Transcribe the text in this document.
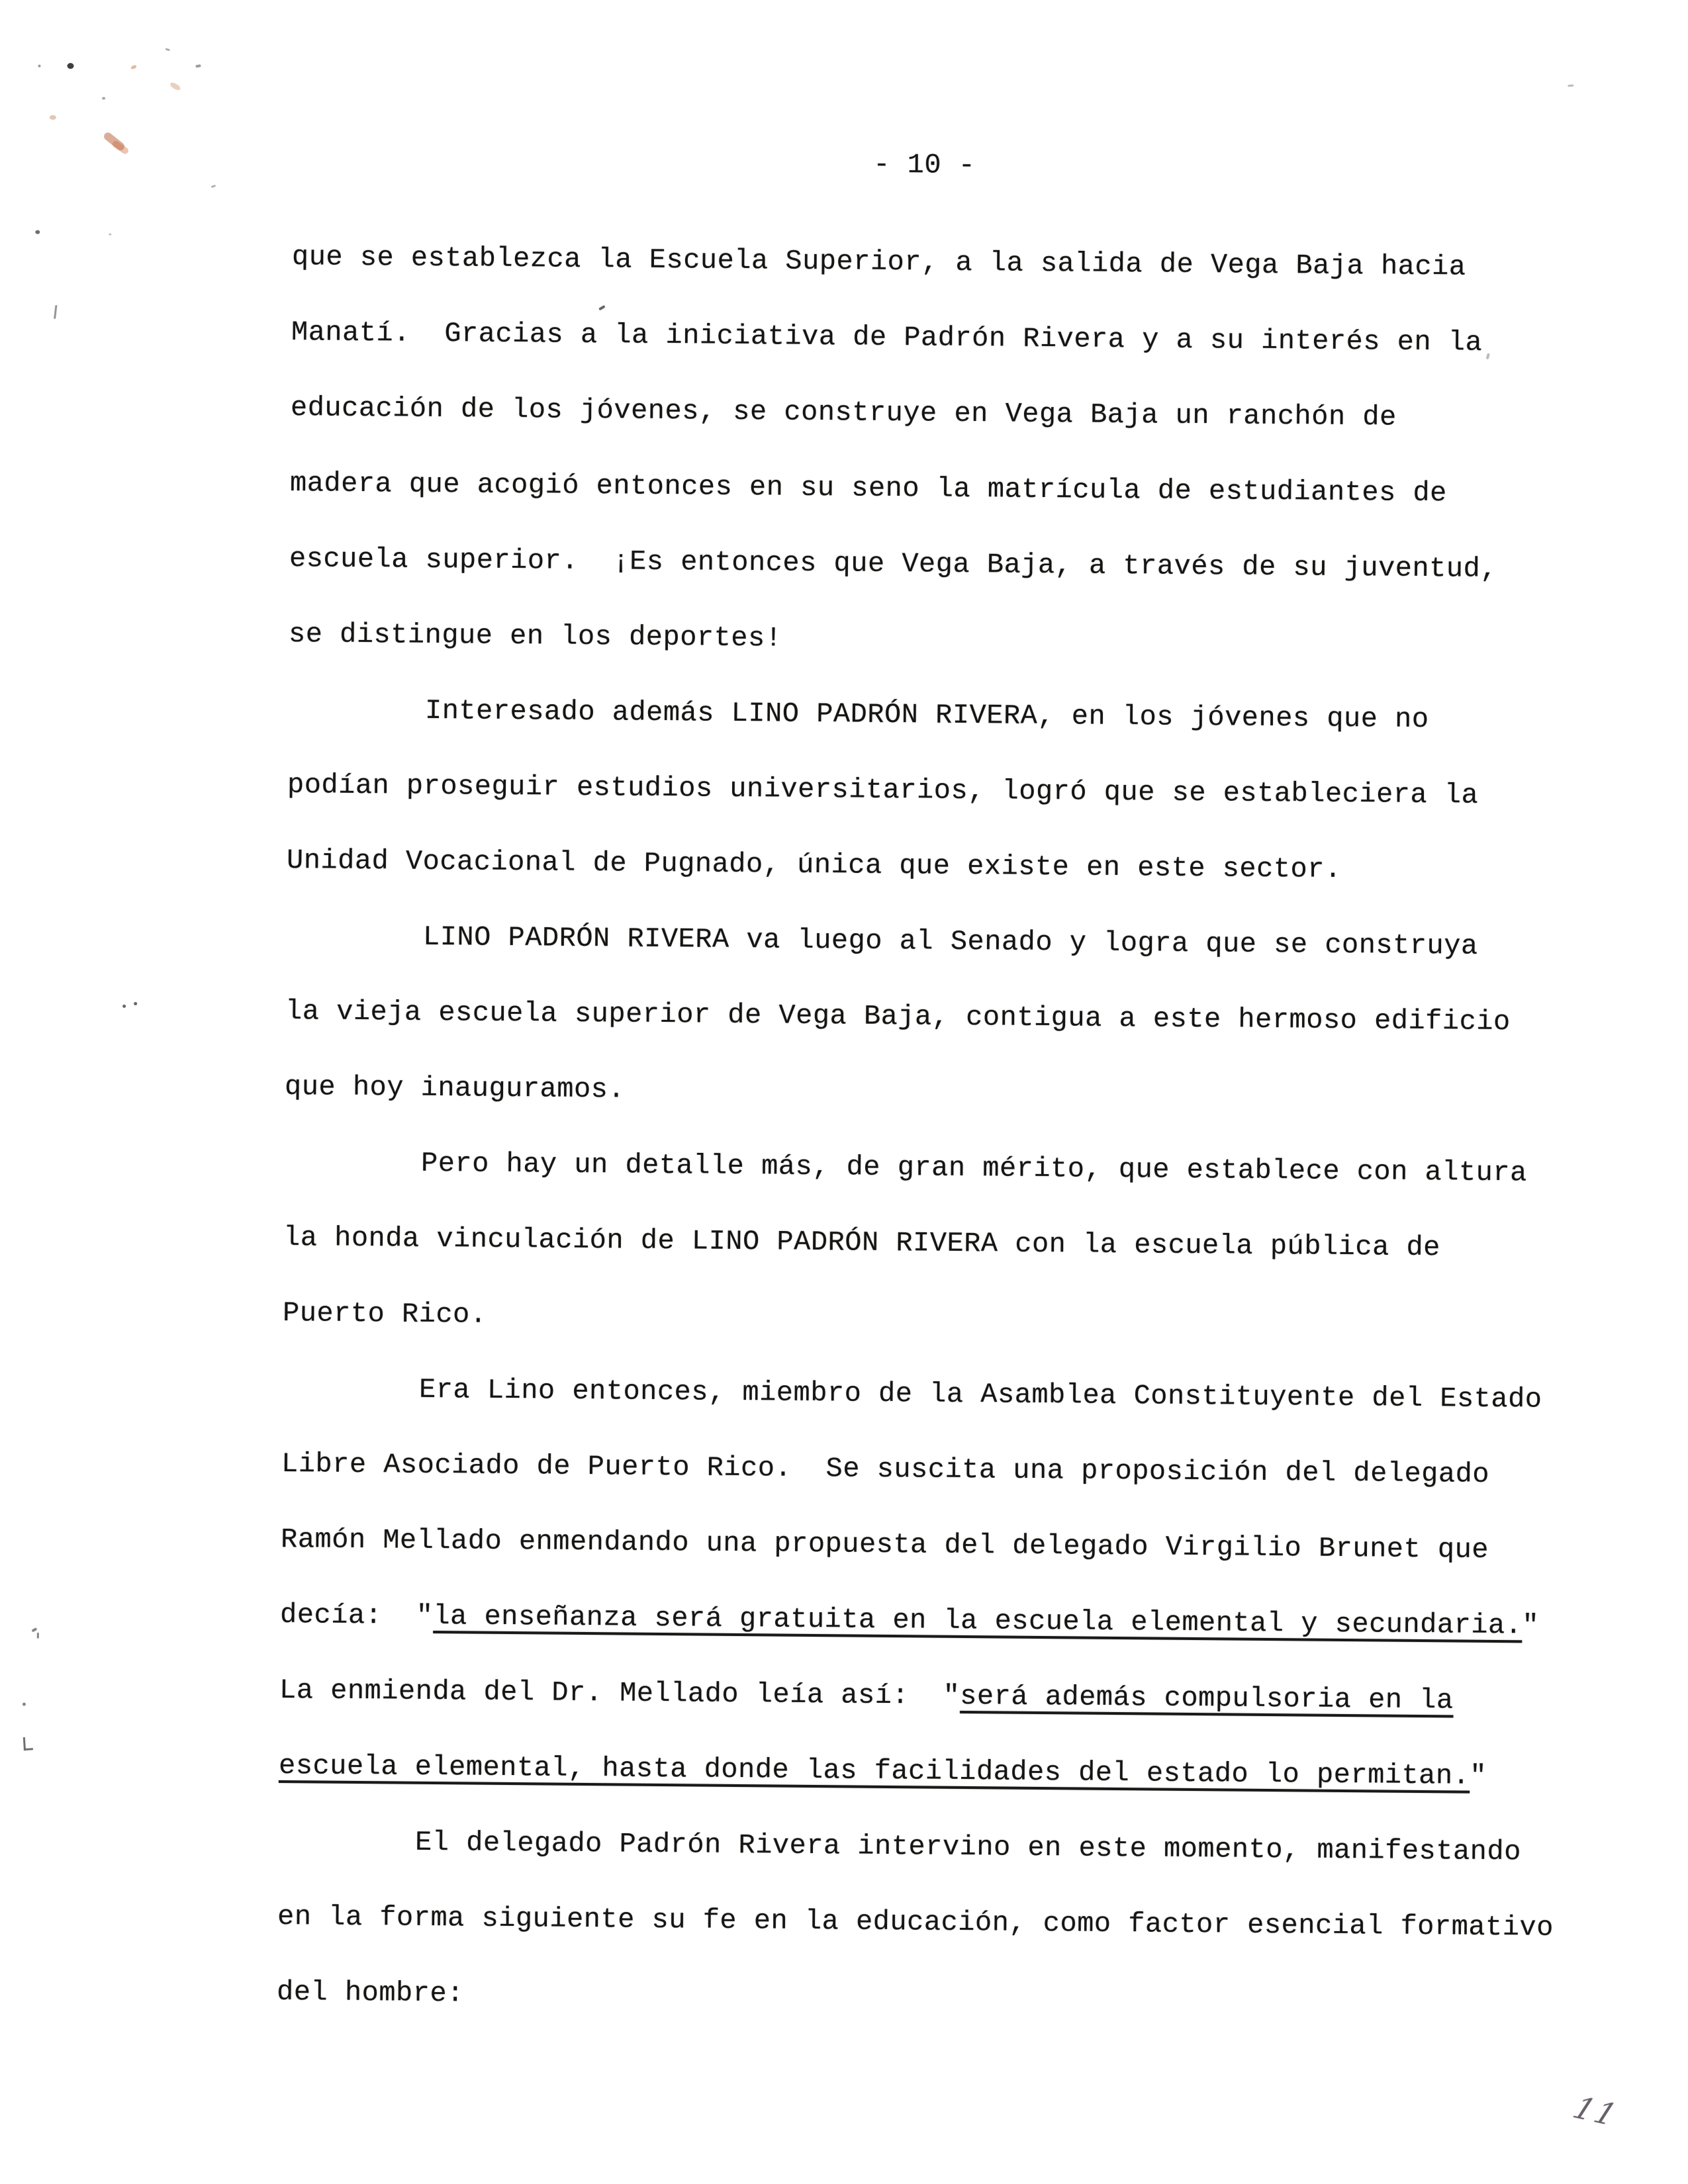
- 10 -
que se establezca la Escuela Superior, a la salida de Vega Baja hacia
Manatí.  Gracias a la iniciativa de Padrón Rivera y a su interés en la
educación de los jóvenes, se construye en Vega Baja un ranchón de
madera que acogió entonces en su seno la matrícula de estudiantes de
escuela superior.  ¡Es entonces que Vega Baja, a través de su juventud,
se distingue en los deportes!
Interesado además LINO PADRÓN RIVERA, en los jóvenes que no
podían proseguir estudios universitarios, logró que se estableciera la
Unidad Vocacional de Pugnado, única que existe en este sector.
LINO PADRÓN RIVERA va luego al Senado y logra que se construya
la vieja escuela superior de Vega Baja, contigua a este hermoso edificio
que hoy inauguramos.
Pero hay un detalle más, de gran mérito, que establece con altura
la honda vinculación de LINO PADRÓN RIVERA con la escuela pública de
Puerto Rico.
Era Lino entonces, miembro de la Asamblea Constituyente del Estado
Libre Asociado de Puerto Rico.  Se suscita una proposición del delegado
Ramón Mellado enmendando una propuesta del delegado Virgilio Brunet que
decía:  "la enseñanza será gratuita en la escuela elemental y secundaria."
La enmienda del Dr. Mellado leía así:  "será además compulsoria en la
escuela elemental, hasta donde las facilidades del estado lo permitan."
El delegado Padrón Rivera intervino en este momento, manifestando
en la forma siguiente su fe en la educación, como factor esencial formativo
del hombre:
11
